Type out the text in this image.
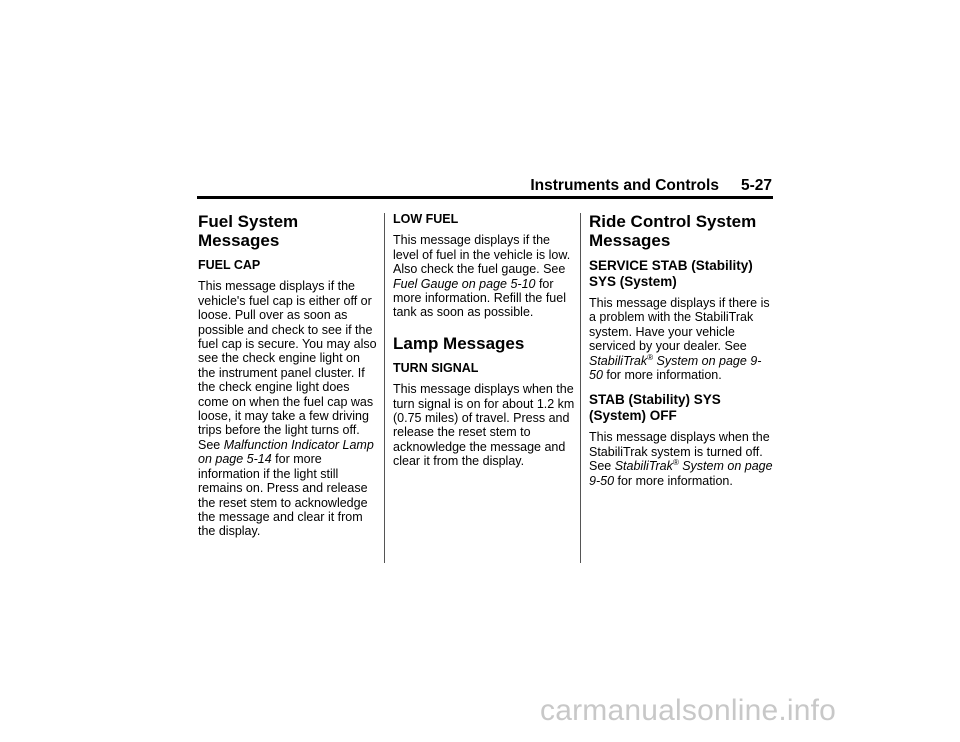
Instruments and Controls 5-27
Fuel System Messages
FUEL CAP

This message displays if the vehicle's fuel cap is either off or loose. Pull over as soon as possible and check to see if the fuel cap is secure. You may also see the check engine light on the instrument panel cluster. If the check engine light does come on when the fuel cap was loose, it may take a few driving trips before the light turns off. See Malfunction Indicator Lamp on page 5-14 for more information if the light still remains on. Press and release the reset stem to acknowledge the message and clear it from the display.

LOW FUEL

This message displays if the level of fuel in the vehicle is low. Also check the fuel gauge. See Fuel Gauge on page 5-10 for more information. Refill the fuel tank as soon as possible.

Lamp Messages
TURN SIGNAL

This message displays when the turn signal is on for about 1.2 km (0.75 miles) of travel. Press and release the reset stem to acknowledge the message and clear it from the display.

Ride Control System Messages
SERVICE STAB (Stability) SYS (System)

This message displays if there is a problem with the StabiliTrak system. Have your vehicle serviced by your dealer. See StabiliTrak® System on page 9-50 for more information.

STAB (Stability) SYS (System) OFF

This message displays when the StabiliTrak system is turned off. See StabiliTrak® System on page 9-50 for more information.

carmanualsonline.info
